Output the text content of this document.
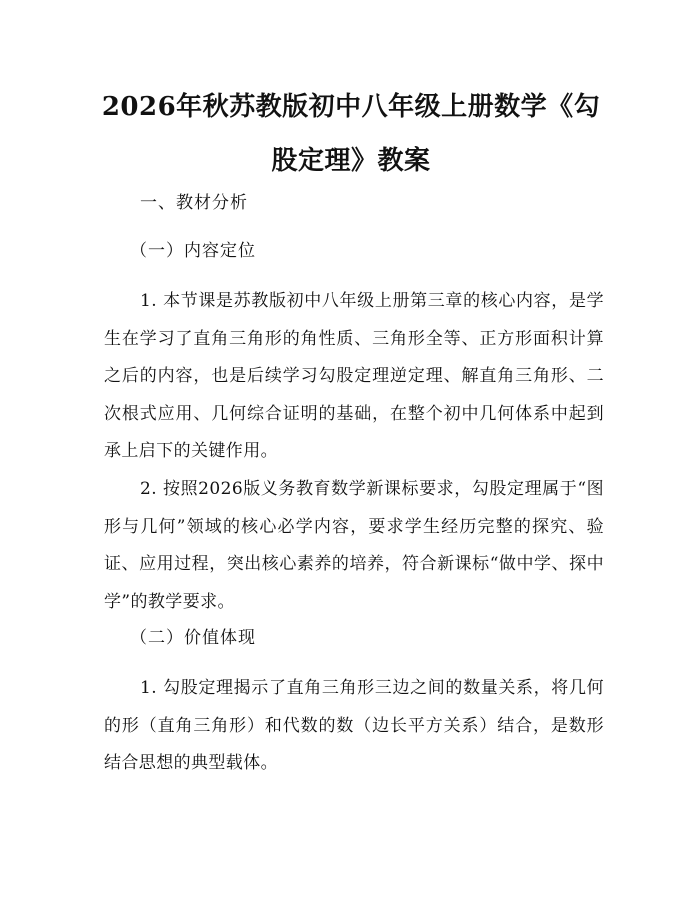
2026年秋苏教版初中八年级上册数学《勾股定理》教案
一、教材分析
（一）内容定位
1. 本节课是苏教版初中八年级上册第三章的核心内容，是学生在学习了直角三角形的角性质、三角形全等、正方形面积计算之后的内容，也是后续学习勾股定理逆定理、解直角三角形、二次根式应用、几何综合证明的基础，在整个初中几何体系中起到承上启下的关键作用。
2. 按照2026版义务教育数学新课标要求，勾股定理属于“图形与几何”领域的核心必学内容，要求学生经历完整的探究、验证、应用过程，突出核心素养的培养，符合新课标“做中学、探中学”的教学要求。
（二）价值体现
1. 勾股定理揭示了直角三角形三边之间的数量关系，将几何的形（直角三角形）和代数的数（边长平方关系）结合，是数形结合思想的典型载体。
